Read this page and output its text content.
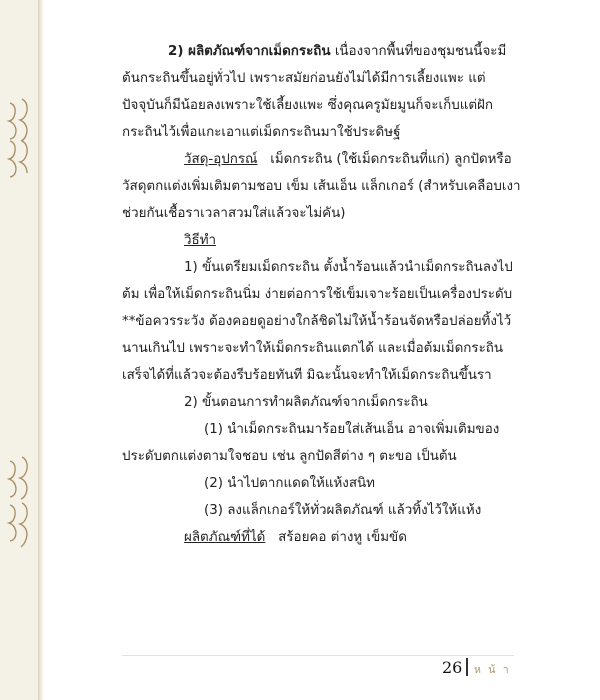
2) ผลิตภัณฑ์จากเม็ดกระถิน เนื่องจากพื้นที่ของชุมชนนี้จะมี
ต้นกระถินขึ้นอยู่ทั่วไป เพราะสมัยก่อนยังไม่ได้มีการเลี้ยงแพะ แต่
ปัจจุบันก็มีน้อยลงเพราะใช้เลี้ยงแพะ ซึ่งคุณครูมัยมูนก็จะเก็บแต่ฝัก
กระถินไว้เพื่อแกะเอาแต่เม็ดกระถินมาใช้ประดิษฐ์
วัสดุ-อุปกรณ์ เม็ดกระถิน (ใช้เม็ดกระถินที่แก่) ลูกปัดหรือ
วัสดุตกแต่งเพิ่มเติมตามชอบ เข็ม เส้นเอ็น แล็กเกอร์ (สำหรับเคลือบเงา
ช่วยกันเชื้อราเวลาสวมใส่แล้วจะไม่คัน)
วิธีทำ
1) ขั้นเตรียมเม็ดกระถิน ตั้งน้ำร้อนแล้วนำเม็ดกระถินลงไป
ต้ม เพื่อให้เม็ดกระถินนิ่ม ง่ายต่อการใช้เข็มเจาะร้อยเป็นเครื่องประดับ
**ข้อควรระวัง ต้องคอยดูอย่างใกล้ชิดไม่ให้น้ำร้อนจัดหรือปล่อยทิ้งไว้
นานเกินไป เพราะจะทำให้เม็ดกระถินแตกได้ และเมื่อต้มเม็ดกระถิน
เสร็จได้ที่แล้วจะต้องรีบร้อยทันที มิฉะนั้นจะทำให้เม็ดกระถินขึ้นรา
2) ขั้นตอนการทำผลิตภัณฑ์จากเม็ดกระถิน
(1) นำเม็ดกระถินมาร้อยใส่เส้นเอ็น อาจเพิ่มเติมของ
ประดับตกแต่งตามใจชอบ เช่น ลูกปัดสีต่าง ๆ ตะขอ เป็นต้น
(2) นำไปตากแดดให้แห้งสนิท
(3) ลงแล็กเกอร์ให้ทั่วผลิตภัณฑ์ แล้วทิ้งไว้ให้แห้ง
ผลิตภัณฑ์ที่ได้ สร้อยคอ ต่างหู เข็มขัด
26 ห น้ า
